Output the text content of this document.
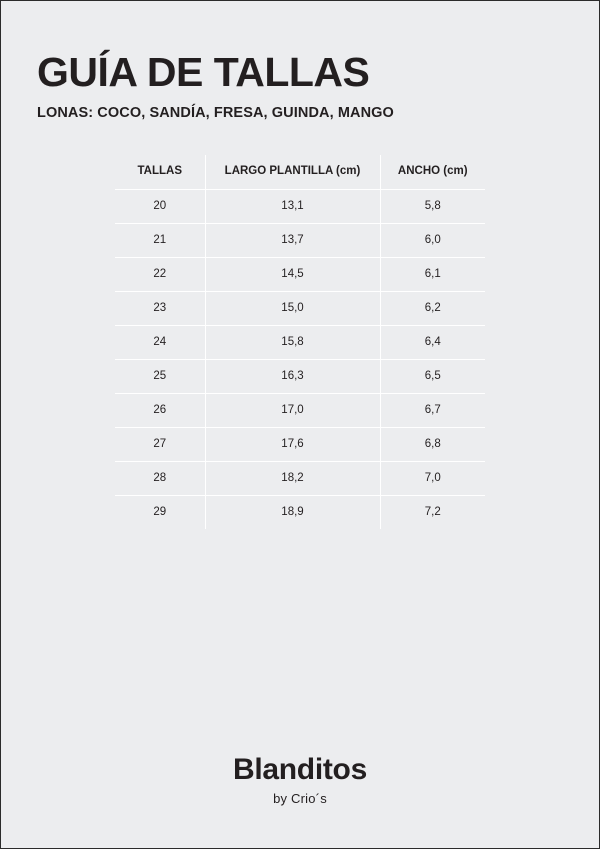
GUÍA DE TALLAS
LONAS: COCO, SANDÍA, FRESA, GUINDA, MANGO
TALLAS	LARGO PLANTILLA (cm)	ANCHO (cm)
20	13,1	5,8
21	13,7	6,0
22	14,5	6,1
23	15,0	6,2
24	15,8	6,4
25	16,3	6,5
26	17,0	6,7
27	17,6	6,8
28	18,2	7,0
29	18,9	7,2
Blanditos
by Crio´s
